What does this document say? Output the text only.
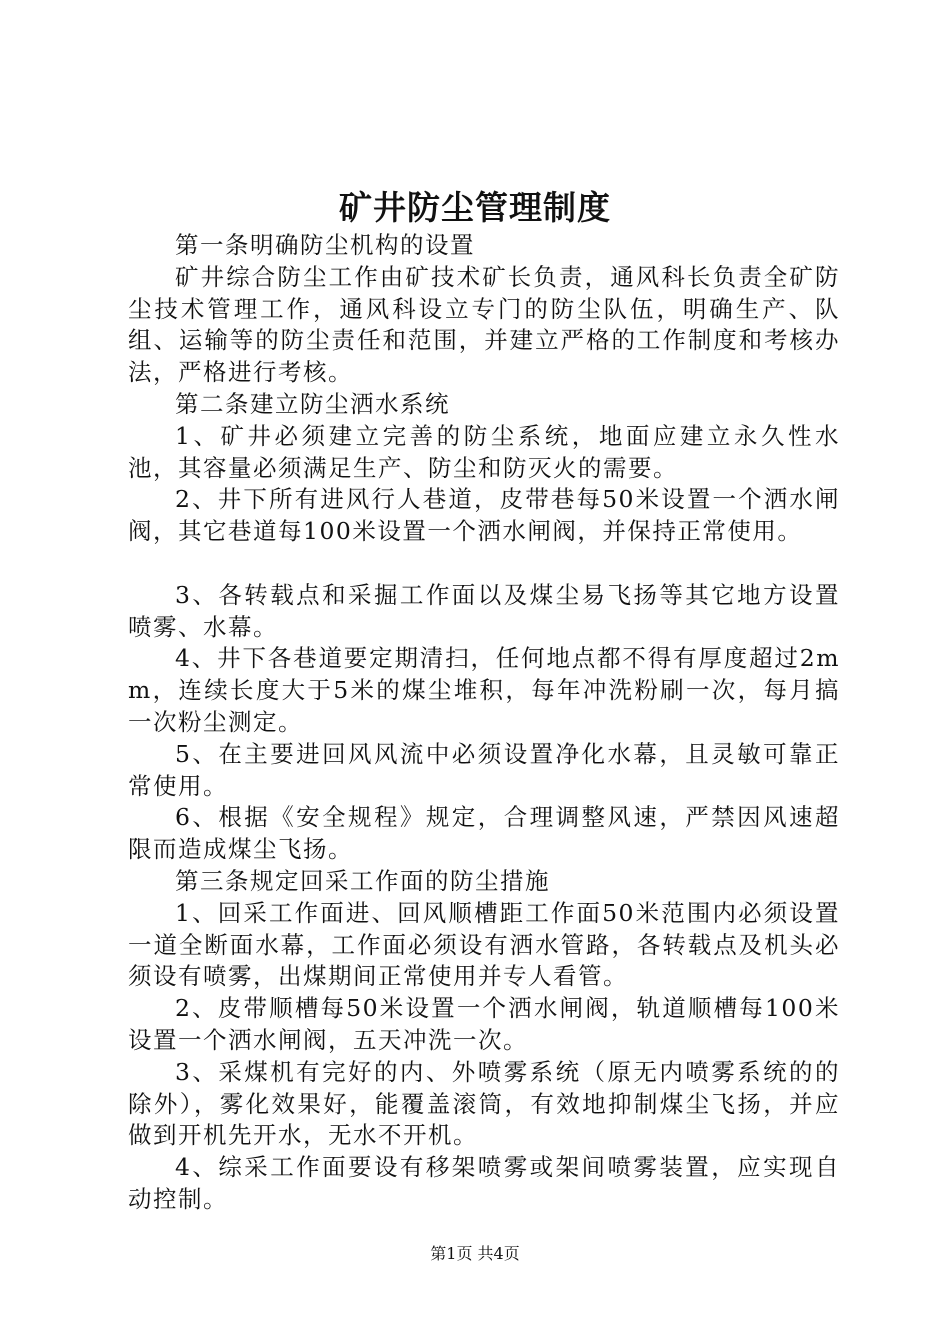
矿井防尘管理制度

第一条明确防尘机构的设置

矿井综合防尘工作由矿技术矿长负责，通风科长负责全矿防尘技术管理工作，通风科设立专门的防尘队伍，明确生产、队组、运输等的防尘责任和范围，并建立严格的工作制度和考核办法，严格进行考核。

第二条建立防尘洒水系统

1、矿井必须建立完善的防尘系统，地面应建立永久性水池，其容量必须满足生产、防尘和防灭火的需要。

2、井下所有进风行人巷道，皮带巷每50米设置一个洒水闸阀，其它巷道每100米设置一个洒水闸阀，并保持正常使用。

3、各转载点和采掘工作面以及煤尘易飞扬等其它地方设置喷雾、水幕。

4、井下各巷道要定期清扫，任何地点都不得有厚度超过2mm，连续长度大于5米的煤尘堆积，每年冲洗粉刷一次，每月搞一次粉尘测定。

5、在主要进回风风流中必须设置净化水幕，且灵敏可靠正常使用。

6、根据《安全规程》规定，合理调整风速，严禁因风速超限而造成煤尘飞扬。

第三条规定回采工作面的防尘措施

1、回采工作面进、回风顺槽距工作面50米范围内必须设置一道全断面水幕，工作面必须设有洒水管路，各转载点及机头必须设有喷雾，出煤期间正常使用并专人看管。

2、皮带顺槽每50米设置一个洒水闸阀，轨道顺槽每100米设置一个洒水闸阀，五天冲洗一次。

3、采煤机有完好的内、外喷雾系统（原无内喷雾系统的的除外），雾化效果好，能覆盖滚筒，有效地抑制煤尘飞扬，并应做到开机先开水，无水不开机。

4、综采工作面要设有移架喷雾或架间喷雾装置，应实现自动控制。

第1页 共4页
